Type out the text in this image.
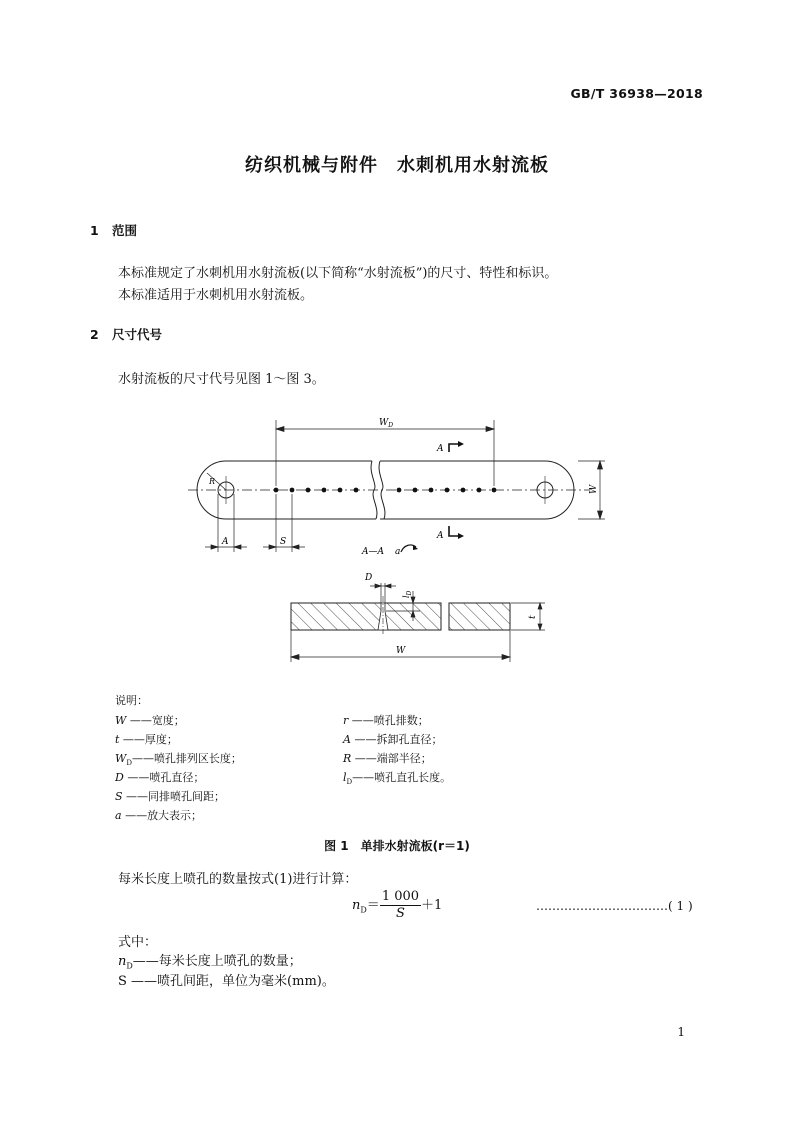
GB/T 36938—2018
纺织机械与附件　 水刺机用水射流板
1 范围
本标准规定了水刺机用水射流板(以下简称“水射流板”)的尺寸、特性和标识。
本标准适用于水刺机用水射流板。
2 尺寸代号
水射流板的尺寸代号见图 1～图 3。
$W_D$
A
A
W
A	S
R
A—A a
D
$l_D$
t
W
说明：
W ——宽度；
t ——厚度；
$W_D——$喷孔排列区长度；
D ——喷孔直径；
S ——同排喷孔间距；
a ——放大表示；
r ——喷孔排数；
A ——拆卸孔直径；
R ——端部半径；
$l_D——$喷孔直孔长度。
图 1　单排水射流板(r＝1)
每米长度上喷孔的数量按式(1)进行计算：
$n_D= \frac{1 000}{S} +1$	……………………………( 1 )
式中：
$n_D——$每米长度上喷孔的数量；
S ——喷孔间距，单位为毫米(mm)。
1
